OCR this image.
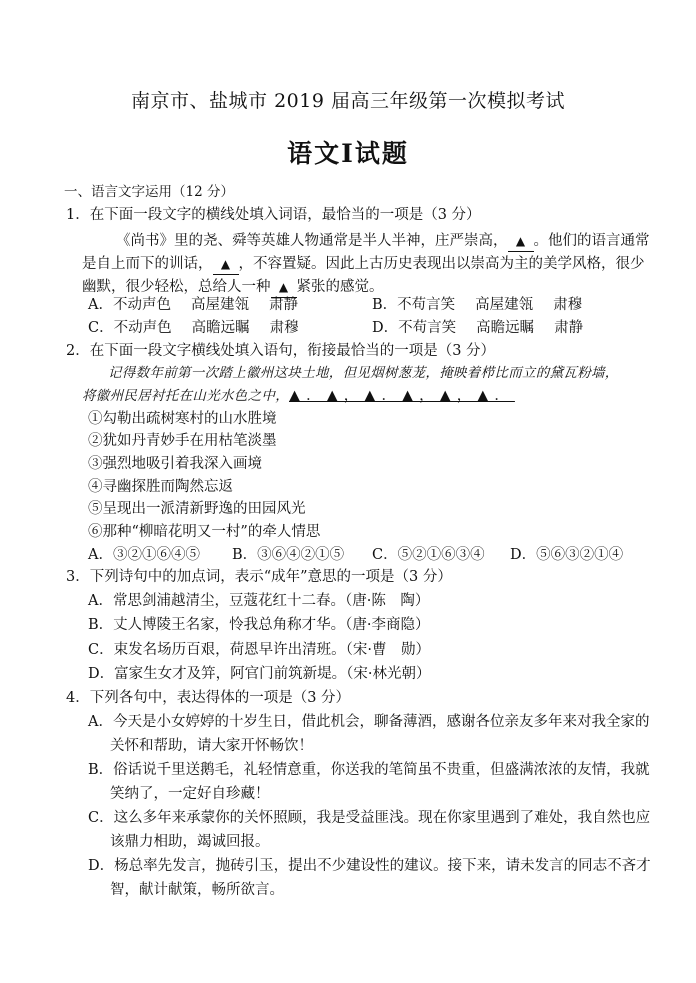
南京市、盐城市 2019 届高三年级第一次模拟考试
语文Ⅰ试题
一、语言文字运用（12 分）
1．在下面一段文字的横线处填入词语，最恰当的一项是（3 分）
《尚书》里的尧、舜等英雄人物通常是半人半神，庄严崇高， ▲ 。他们的语言通常
是自上而下的训话， ▲ ，不容置疑。因此上古历史表现出以崇高为主的美学风格，很少
幽默，很少轻松，总给人一种 ▲ 紧张的感觉。
A．不动声色 高屋建瓴 肃静	B．不苟言笑 高屋建瓴 肃穆
C．不动声色 高瞻远瞩 肃穆	D．不苟言笑 高瞻远瞩 肃静
2．在下面一段文字横线处填入语句，衔接最恰当的一项是（3 分）
记得数年前第一次踏上徽州这块土地，但见烟树葱茏，掩映着栉比而立的黛瓦粉墙，
将徽州民居衬托在山光水色之中，▲．▲，▲．▲，▲，▲．
①勾勒出疏树寒村的山水胜境
②犹如丹青妙手在用枯笔淡墨
③强烈地吸引着我深入画境
④寻幽探胜而陶然忘返
⑤呈现出一派清新野逸的田园风光
⑥那种“柳暗花明又一村”的牵人情思
A．③②①⑥④⑤ B．③⑥④②①⑤ C．⑤②①⑥③④ D．⑤⑥③②①④
3．下列诗句中的加点词，表示“成年”意思的一项是（3 分）
A．常思剑浦越清尘，豆蔻花红十二春。（唐·陈　陶）
B．丈人博陵王名家，怜我总角称才华。（唐·李商隐）
C．束发名场历百艰，荷恩早许出清班。（宋·曹　勋）
D．富家生女才及笄，阿官门前筑新堤。（宋·林光朝）
4．下列各句中，表达得体的一项是（3 分）
A．今天是小女婷婷的十岁生日，借此机会，聊备薄酒，感谢各位亲友多年来对我全家的
关怀和帮助，请大家开怀畅饮！
B．俗话说千里送鹅毛，礼轻情意重，你送我的笔简虽不贵重，但盛满浓浓的友情，我就
笑纳了，一定好自珍藏！
C．这么多年来承蒙你的关怀照顾，我是受益匪浅。现在你家里遇到了难处，我自然也应
该鼎力相助，竭诚回报。
D．杨总率先发言，抛砖引玉，提出不少建设性的建议。接下来，请未发言的同志不吝才
智，献计献策，畅所欲言。
